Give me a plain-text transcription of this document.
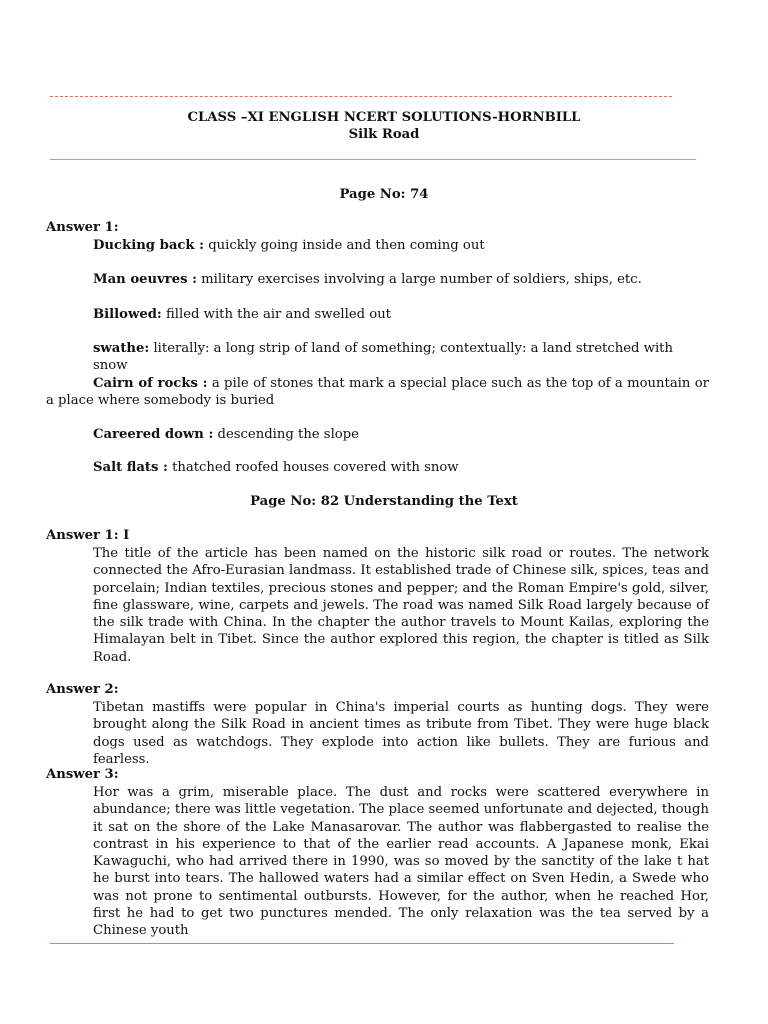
CLASS –XI ENGLISH NCERT SOLUTIONS-HORNBILL
Silk Road
Page No: 74
Answer 1:
Ducking back : quickly going inside and then coming out
Man oeuvres : military exercises involving a large number of soldiers, ships, etc.
Billowed: filled with the air and swelled out
swathe: literally: a long strip of land of something; contextually: a land stretched with snow
Cairn of rocks : a pile of stones that mark a special place such as the top of a mountain or a place where somebody is buried
Careered down : descending the slope
Salt flats : thatched roofed houses covered with snow
Page No: 82 Understanding the Text
Answer 1: I
The title of the article has been named on the historic silk road or routes. The network connected the Afro-Eurasian landmass. It established trade of Chinese silk, spices, teas and porcelain; Indian textiles, precious stones and pepper; and the Roman Empire's gold, silver, fine glassware, wine, carpets and jewels. The road was named Silk Road largely because of the silk trade with China. In the chapter the author travels to Mount Kailas, exploring the Himalayan belt in Tibet. Since the author explored this region, the chapter is titled as Silk Road.
Answer 2:
Tibetan mastiffs were popular in China's imperial courts as hunting dogs. They were brought along the Silk Road in ancient times as tribute from Tibet. They were huge black dogs used as watchdogs. They explode into action like bullets. They are furious and fearless.
Answer 3:
Hor was a grim, miserable place. The dust and rocks were scattered everywhere in abundance; there was little vegetation. The place seemed unfortunate and dejected, though it sat on the shore of the Lake Manasarovar. The author was flabbergasted to realise the contrast in his experience to that of the earlier read accounts. A Japanese monk, Ekai Kawaguchi, who had arrived there in 1990, was so moved by the sanctity of the lake t hat he burst into tears. The hallowed waters had a similar effect on Sven Hedin, a Swede who was not prone to sentimental outbursts. However, for the author, when he reached Hor, first he had to get two punctures mended. The only relaxation was the tea served by a Chinese youth
